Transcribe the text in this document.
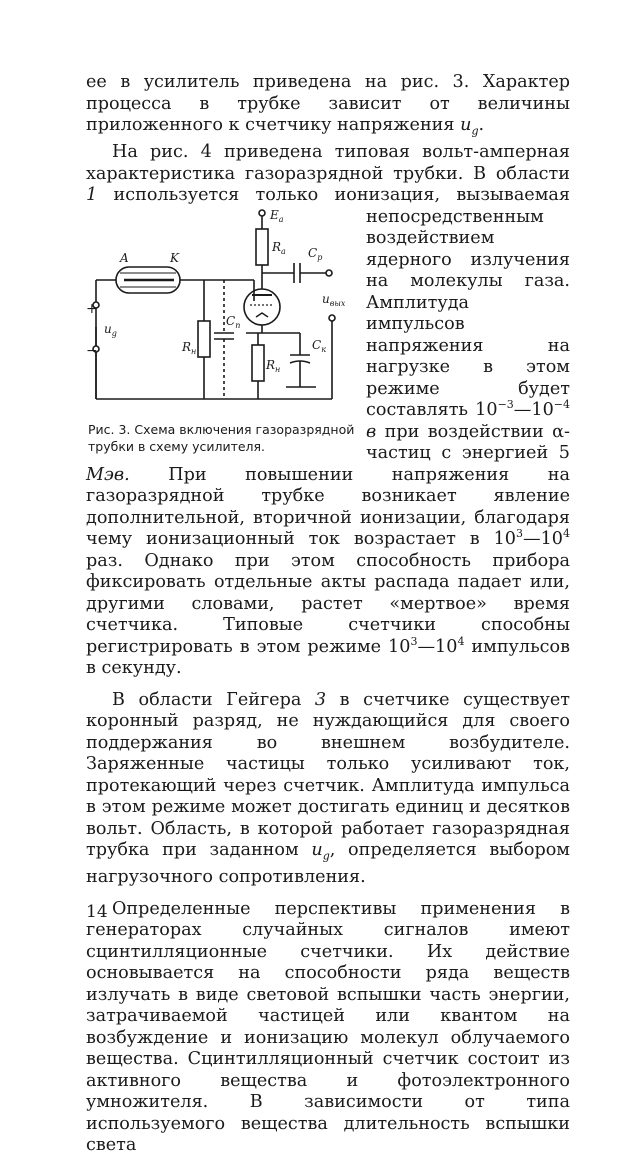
ее в усилитель приведена на рис. 3. Характер процесса в трубке зависит от величины приложенного к счетчику напряжения $u_g$.

На рис. 4 приведена типовая вольт-амперная характеристика газоразрядной трубки. В области 1 используется только ионизация, вызываемая
A	K
$E_a$
$R_a$ $C_p$
$C_п$
$R_н$
$R_н$
$C_к$
$u_{вых}$
$u_g$
+
−
Рис. 3. Схема включения газоразрядной трубки в схему усилителя.
непосредственным воздействием ядерного излучения на молекулы газа. Амплитуда импульсов напряжения на нагрузке в этом режиме будет составлять $10^{-3}—10^{-4}$ в при воздействии α-частиц с энергией 5 Мэв. При повышении напряжения на газоразрядной трубке возникает явление дополнительной, вторичной ионизации, благодаря чему ионизационный ток возрастает в $10^3—10^4$ раз. Однако при этом способность прибора фиксировать отдельные акты распада падает или, другими словами, растет «мертвое» время счетчика. Типовые счетчики способны регистрировать в этом режиме $10^3—10^4$ импульсов в секунду.

В области Гейгера 3 в счетчике существует коронный разряд, не нуждающийся для своего поддержания во внешнем возбудителе. Заряженные частицы только усиливают ток, протекающий через счетчик. Амплитуда импульса в этом режиме может достигать единиц и десятков вольт. Область, в которой работает газоразрядная трубка при заданном $u_g$, определяется выбором нагрузочного сопротивления.

Определенные перспективы применения в генераторах случайных сигналов имеют сцинтилляционные счетчики. Их действие основывается на способности ряда веществ излучать в виде световой вспышки часть энергии, затрачиваемой частицей или квантом на возбуждение и ионизацию молекул облучаемого вещества. Сцинтилляционный счетчик состоит из активного вещества и фотоэлектронного умножителя. В зависимости от типа используемого вещества длительность вспышки света

14
